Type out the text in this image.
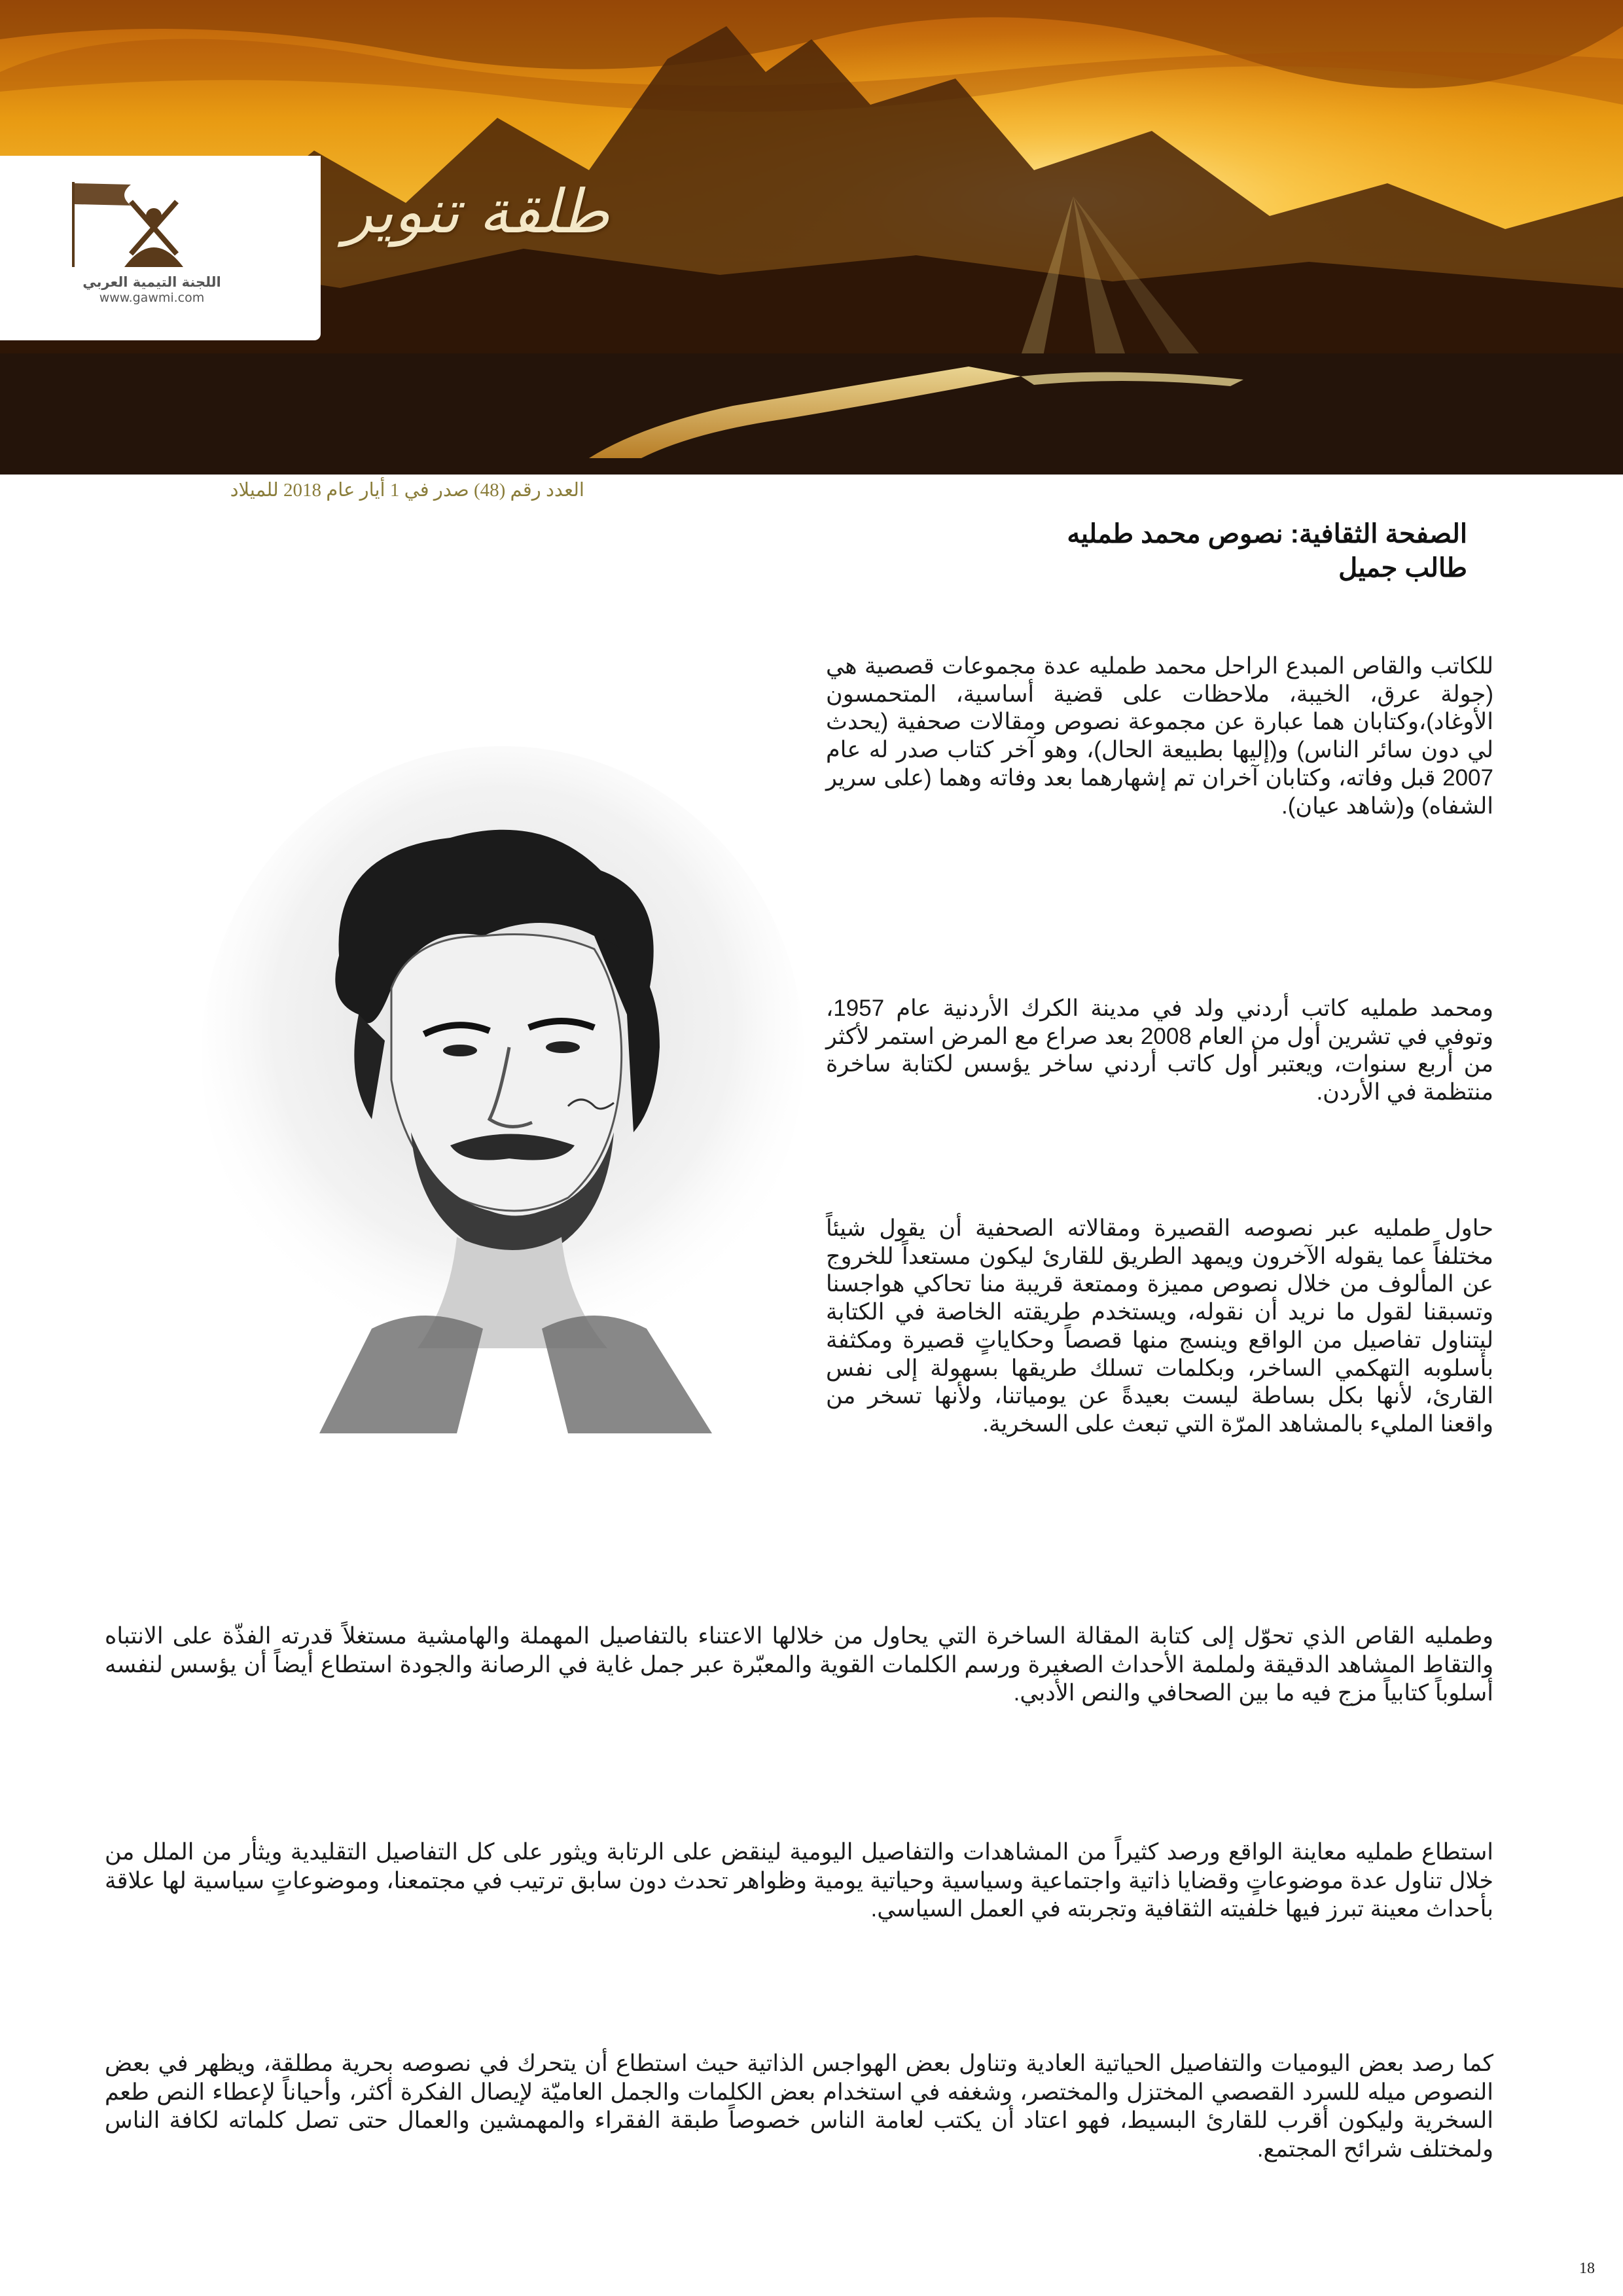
اللجنة التيمية العربي
www.gawmi.com
طلقة تنوير
العدد رقم (48) صدر في 1 أيار عام 2018 للميلاد
الصفحة الثقافية: نصوص محمد طمليه
طالب جميل
للكاتب والقاص المبدع الراحل محمد طمليه عدة مجموعات قصصية هي (جولة عرق، الخيبة، ملاحظات على قضية أساسية، المتحمسون الأوغاد)،وكتابان هما عبارة عن مجموعة نصوص ومقالات صحفية (يحدث لي دون سائر الناس) و(إليها بطبيعة الحال)، وهو آخر كتاب صدر له عام 2007 قبل وفاته، وكتابان آخران تم إشهارهما بعد وفاته وهما (على سرير الشفاه) و(شاهد عيان).
ومحمد طمليه كاتب أردني ولد في مدينة الكرك الأردنية عام 1957، وتوفي في تشرين أول من العام 2008 بعد صراع مع المرض استمر لأكثر من أربع سنوات، ويعتبر أول كاتب أردني ساخر يؤسس لكتابة ساخرة منتظمة في الأردن.
حاول طمليه عبر نصوصه القصيرة ومقالاته الصحفية أن يقول شيئاً مختلفاً عما يقوله الآخرون ويمهد الطريق للقارئ ليكون مستعداً للخروج عن المألوف من خلال نصوص مميزة وممتعة قريبة منا تحاكي هواجسنا وتسبقنا لقول ما نريد أن نقوله، ويستخدم طريقته الخاصة في الكتابة ليتناول تفاصيل من الواقع وينسج منها قصصاً وحكاياتٍ قصيرة ومكثفة بأسلوبه التهكمي الساخر، وبكلمات تسلك طريقها بسهولة إلى نفس القارئ، لأنها بكل بساطة ليست بعيدةً عن يومياتنا، ولأنها تسخر من واقعنا المليء بالمشاهد المرّة التي تبعث على السخرية.
وطمليه القاص الذي تحوّل إلى كتابة المقالة الساخرة التي يحاول من خلالها الاعتناء بالتفاصيل المهملة والهامشية مستغلاً قدرته الفذّة على الانتباه والتقاط المشاهد الدقيقة ولملمة الأحداث الصغيرة ورسم الكلمات القوية والمعبّرة عبر جمل غاية في الرصانة والجودة استطاع أيضاً أن يؤسس لنفسه أسلوباً كتابياً مزج فيه ما بين الصحافي والنص الأدبي.
استطاع طمليه معاينة الواقع ورصد كثيراً من المشاهدات والتفاصيل اليومية لينقض على الرتابة ويثور على كل التفاصيل التقليدية ويثأر من الملل من خلال تناول عدة موضوعاتٍ وقضايا ذاتية واجتماعية وسياسية وحياتية يومية وظواهر تحدث دون سابق ترتيب في مجتمعنا، وموضوعاتٍ سياسية لها علاقة بأحداث معينة تبرز فيها خلفيته الثقافية وتجربته في العمل السياسي.
كما رصد بعض اليوميات والتفاصيل الحياتية العادية وتناول بعض الهواجس الذاتية حيث استطاع أن يتحرك في نصوصه بحرية مطلقة، ويظهر في بعض النصوص ميله للسرد القصصي المختزل والمختصر، وشغفه في استخدام بعض الكلمات والجمل العاميّة لإيصال الفكرة أكثر، وأحياناً لإعطاء النص طعم السخرية وليكون أقرب للقارئ البسيط، فهو اعتاد أن يكتب لعامة الناس خصوصاً طبقة الفقراء والمهمشين والعمال حتى تصل كلماته لكافة الناس ولمختلف شرائح المجتمع.
18
